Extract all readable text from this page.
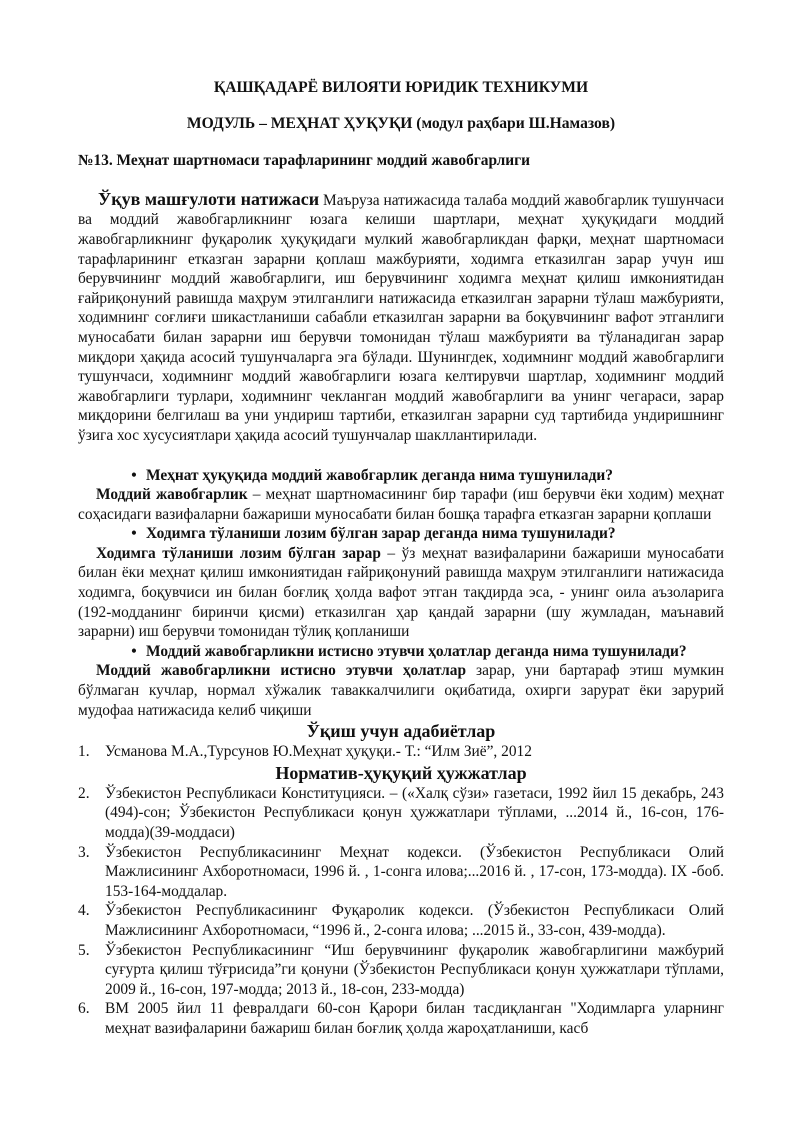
ҚАШҚАДАРЁ ВИЛОЯТИ ЮРИДИК ТЕХНИКУМИ

МОДУЛЬ – МЕҲНАТ ҲУҚУҚИ (модул раҳбари Ш.Намазов)

№13. Меҳнат шартномаси тарафларининг моддий жавобгарлиги

Ўқув машғулоти натижаси Маъруза натижасида талаба моддий жавобгарлик тушунчаси ва моддий жавобгарликнинг юзага келиши шартлари, меҳнат ҳуқуқидаги моддий жавобгарликнинг фуқаролик ҳуқуқидаги мулкий жавобгарликдан фарқи, меҳнат шартномаси тарафларининг етказган зарарни қоплаш мажбурияти, ходимга етказилган зарар учун иш берувчининг моддий жавобгарлиги, иш берувчининг ходимга меҳнат қилиш имкониятидан ғайриқонуний равишда маҳрум этилганлиги натижасида етказилган зарарни тўлаш мажбурияти, ходимнинг соғлиғи шикастланиши сабабли етказилган зарарни ва боқувчининг вафот этганлиги муносабати билан зарарни иш берувчи томонидан тўлаш мажбурияти ва тўланадиган зарар миқдори ҳақида асосий тушунчаларга эга бўлади. Шунингдек, ходимнинг моддий жавобгарлиги тушунчаси, ходимнинг моддий жавобгарлиги юзага келтирувчи шартлар, ходимнинг моддий жавобгарлиги турлари, ходимнинг чекланган моддий жавобгарлиги ва унинг чегараси, зарар миқдорини белгилаш ва уни ундириш тартиби, етказилган зарарни суд тартибида ундиришнинг ўзига хос хусусиятлари ҳақида асосий тушунчалар шакллантирилади.

• Меҳнат ҳуқуқида моддий жавобгарлик деганда нима тушунилади?

Моддий жавобгарлик – меҳнат шартномасининг бир тарафи (иш берувчи ёки ходим) меҳнат соҳасидаги вазифаларни бажариши муносабати билан бошқа тарафга етказган зарарни қоплаши

• Ходимга тўланиши лозим бўлган зарар деганда нима тушунилади?

Ходимга тўланиши лозим бўлган зарар – ўз меҳнат вазифаларини бажариши муносабати билан ёки меҳнат қилиш имкониятидан ғайриқонуний равишда маҳрум этилганлиги натижасида ходимга, боқувчиси ин билан боғлиқ ҳолда вафот этган тақдирда эса, - унинг оила аъзоларига (192-модданинг биринчи қисми) етказилган ҳар қандай зарарни (шу жумладан, маънавий зарарни) иш берувчи томонидан тўлиқ қопланиши

• Моддий жавобгарликни истисно этувчи ҳолатлар деганда нима тушунилади?

Моддий жавобгарликни истисно этувчи ҳолатлар зарар, уни бартараф этиш мумкин бўлмаган кучлар, нормал хўжалик таваккалчилиги оқибатида, охирги зарурат ёки зарурий мудофаа натижасида келиб чиқиши

Ўқиш учун адабиётлар

1.	Усманова М.А.,Турсунов Ю.Меҳнат ҳуқуқи.- Т.: “Илм Зиё”, 2012

Норматив-ҳуқуқий ҳужжатлар

2.	Ўзбекистон Республикаси Конституцияси. – («Халқ сўзи» газетаси, 1992 йил 15 декабрь, 243 (494)-сон; Ўзбекистон Республикаси қонун ҳужжатлари тўплами, ...2014 й., 16-сон, 176-модда)(39-моддаси)
3.	Ўзбекистон Республикасининг Меҳнат кодекси. (Ўзбекистон Республикаси Олий Мажлисининг Ахборотномаси, 1996 й. , 1-сонга илова;...2016 й. , 17-сон, 173-модда). IX -боб. 153-164-моддалар.
4.	Ўзбекистон Республикасининг Фуқаролик кодекси. (Ўзбекистон Республикаси Олий Мажлисининг Ахборотномаси, “1996 й., 2-сонга илова; ...2015 й., 33-сон, 439-модда).
5.	Ўзбекистон Республикасининг “Иш берувчининг фуқаролик жавобгарлигини мажбурий суғурта қилиш тўғрисида”ги қонуни (Ўзбекистон Республикаси қонун ҳужжатлари тўплами, 2009 й., 16-сон, 197-модда; 2013 й., 18-сон, 233-модда)
6.	ВМ 2005 йил 11 февралдаги 60-сон Қарори билан тасдиқланган "Ходимларга уларнинг меҳнат вазифаларини бажариш билан боғлиқ ҳолда жароҳатланиши, касб
